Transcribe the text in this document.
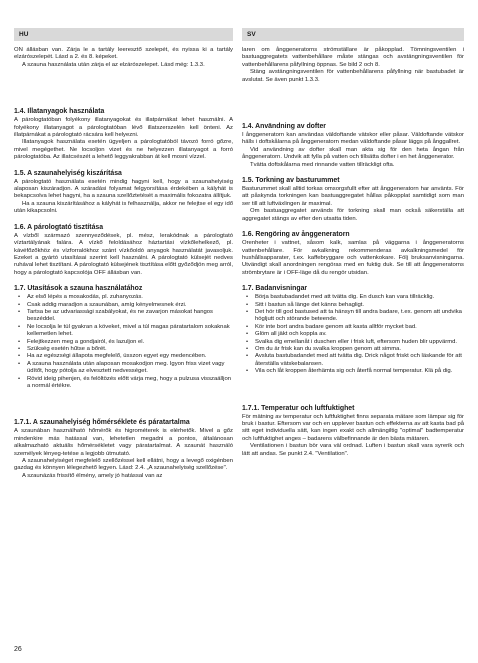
HU	SV

ON állásban van. Zárja le a tartály leeresztő szelepét, és nyissa ki a tartály elzárószelepét. Lásd a 2. és 8. képeket.

A szauna használata után zárja el az elzárószelepet. Lásd még: 1.3.3.

1.4. Illatanyagok használata

A párologtatóban folyékony illatanyagokat és illatpárnákat lehet használni. A folyékony illatanyagot a párologtatóban lévő illatszerszelén kell önteni. Az illatpárnákat a párologtató rácsára kell helyezni.

Illatanyagok használata esetén ügyeljen a párologtatóból távozó forró gőzre, mivel megégethet. Ne locsoljon vizet és ne helyezzen illatanyagot a forró párologtatóba. Az illatcsészét a lehető leggyakrabban át kell mosni vízzel.

1.5. A szaunahelyiség kiszárítása

A párologtató használata esetén mindig hagyni kell, hogy a szaunahelyiség alaposan kiszáradjon. A száradási folyamat felgyorsítása érdekében a kályhát is bekapcsolva lehet hagyni, ha a szauna szellőztetését a maximális fokozatra állítjuk.

Ha a szauna kiszárításához a kályhát is felhasználja, akkor ne felejtse el egy idő után kikapcsolni.

1.6. A párologtató tisztítása

A vízből származó szennyeződések, pl. mész, lerakódnak a párologtató víztartályának falára. A vízkő feloldásához háztartási vízkőlehelkező, pl. kávéfőzőkhöz és vízforralókhoz szánt vízkőoldó anyagok használatát javasoljuk. Ezeket a gyártó utasításai szerint kell használni. A párologtató külsejét nedves ruhával lehet tisztítani. A párologtató külsejének tisztítása előtt győződjön meg arról, hogy a párologtató kapcsolója OFF állásban van.

1.7. Utasítások a szauna használatához
• Az első lépés a mosakodás, pl. zuhanyozás.
• Csak addig maradjon a szaunában, amíg kényelmesnek érzi.
• Tartsa be az udvariassági szabályokat, és ne zavarjon másokat hangos beszéddel.
• Ne locsolja le túl gyakran a köveket, mivel a túl magas páratartalom sokaknak kellemetlen lehet.
• Felejtkezzen meg a gondjairól, és lazuljon el.
• Szükség esetén hűtse a bőrét.
• Ha az egészségi állapota megfelelő, ússzon egyet egy medencében.
• A szauna használata után alaposan mosakodjon meg. Igyon friss vizet vagy üdítőt, hogy pótolja az elvesztett nedvességet.
• Rövid ideig pihenjen, és felöltözés előtt várja meg, hogy a pulzusa visszaálljon a normál értékre.
1.7.1. A szaunahelyiség hőmérséklete és páratartalma

A szaunában használható hőmérők és higrométerek is elérhetők. Mivel a gőz mindenkire más hatással van, lehetetlen megadni a pontos, általánosan alkalmazható aktuális hőmérsékletet vagy páratartalmat. A szaunát használó személyek lényeg-tetése a legjobb útmutató.

A szaunahelyiséget megfelelő szellőzéssel kell ellátni, hogy a levegő oxigénben gazdag és könnyen lélegezhető legyen. Lásd: 2.4. „A szaunahelyiség szellőzése".

A szaunázás frissítő élmény, amely jó hatással van az

laren om ånggeneratorns strömställare är påkopplad. Tömningsventilen i bastuaggregatets vattenbehållare måste stängas och avstängningsventilen för vattenbehållarens påfyllning öppnas. Se bild 2 och 8.

Stäng avstängningsventilen för vattenbehållarens påfyllning när bastubadet är avslutat. Se även punkt 1.3.3.

1.4. Användning av dofter

I ånggeneratorn kan användas väldoftande vätskor eller påsar. Väldoftande vätskor hälls i doftskålarna på ånggeneratorn medan väldoftande påsar läggs på ånggallret.

Vid användning av dofter skall man akta sig för den heta ångan från ånggeneratorn. Undvik att fylla på vatten och tillsätta dofter i en het ånggenerator.

Tvätta doftskålarna med rinnande vatten tillräckligt ofta.

1.5. Torkning av basturummet

Basturummet skall alltid torkas omsorgsfullt efter att ånggeneratorn har använts. För att påskynda torkningen kan bastuaggregatet hållas påkopplat samtidigt som man ser till att luftväxlingen är maximal.

Om bastuaggregatet används för torkning skall man också säkerställa att aggregatet stängs av efter den utsatta tiden.

1.6. Rengöring av ånggeneratorn

Orenheter i vattnet, såsom kalk, samlas på väggarna i ånggeneratorns vattenbehållare. För avkalkning rekommenderas avkalkningsmedel för hushållsapparater, t.ex. kaffebryggare och vattenkokare. Följ bruksanvisningarna. Utvändigt skall anordningen rengöras med en fuktig duk. Se till att ånggeneratorns strömbrytare är i OFF-läge då du rengör utsidan.

1.7. Badanvisningar
• Börja bastubadandet med att tvätta dig. En dusch kan vara tillräcklig.
• Sitt i bastun så länge det känns behagligt.
• Det hör till god bastused att ta hänsyn till andra badare, t.ex. genom att undvika högljutt och störande beteende.
• Kör inte bort andra badare genom att kasta alltför mycket bad.
• Glöm all jäkt och koppla av.
• Svalka dig emellanåt i duschen eller i frisk luft, eftersom huden blir uppvärmd.
• Om du är frisk kan du svalka kroppen genom att simma.
• Avsluta bastubadandet med att tvätta dig. Drick något friskt och läskande för att återställa vätskebalansen.
• Vila och låt kroppen återhämta sig och återfå normal temperatur. Klä på dig.
1.7.1. Temperatur och luftfuktighet

För mätning av temperatur och luftfuktighet finns separata mätare som lämpar sig för bruk i bastur. Eftersom var och en upplever bastun och effekterna av att kasta bad på sitt eget individuella sätt, kan ingen exakt och allmängiltig "optimal" badtemperatur och luftfuktighet anges – badarens välbefinnande är den bästa mätaren.

Ventilationen i bastun bör vara väl ordnad. Luften i bastun skall vara syrerik och lätt att andas. Se punkt 2.4. "Ventilation".

26
